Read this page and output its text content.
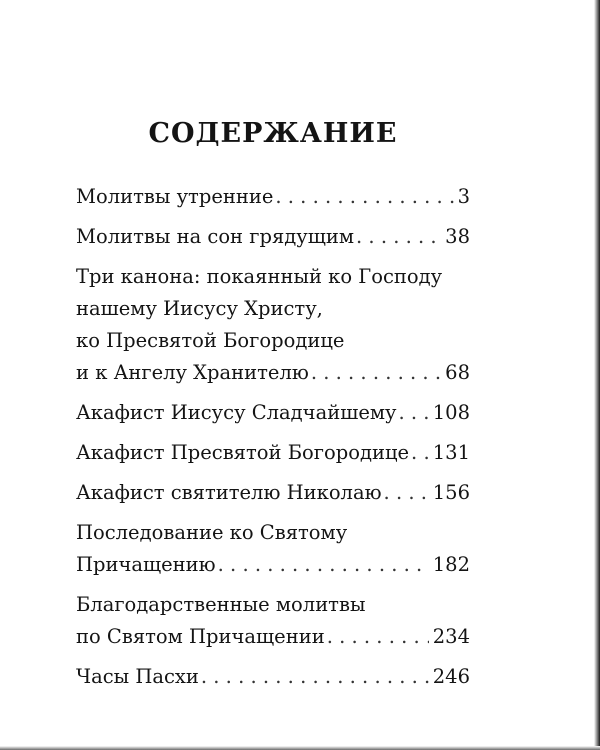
СОДЕРЖАНИЕ
Молитвы утренние . . .	3
Молитвы на сон грядущим . . .	38
Три канона: покаянный ко Господу
нашему Иисусу Христу,
ко Пресвятой Богородице
и к Ангелу Хранителю . . .	68
Акафист Иисусу Сладчайшему . . . 108
Акафист Пресвятой Богородице . . . 131
Акафист святителю Николаю . . .	156
Последование ко Святому
Причащению . . .	182
Благодарственные молитвы
по Святом Причащении . . .	234
Часы Пасхи . . .	246
